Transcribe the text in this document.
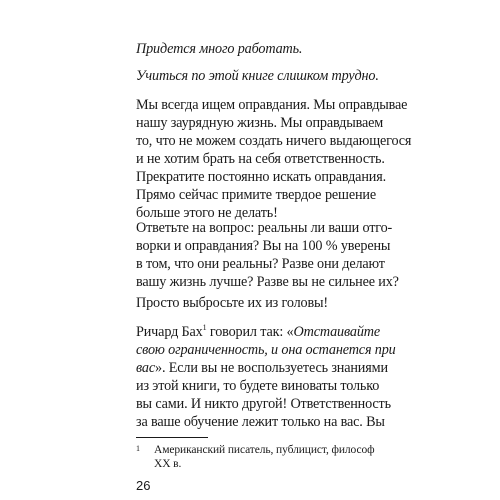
Придется много работать.
Учиться по этой книге слишком трудно.
Мы всегда ищем оправдания. Мы оправдывае
нашу заурядную жизнь. Мы оправдываем
то, что не можем создать ничего выдающегося
и не хотим брать на себя ответственность.
Прекратите постоянно искать оправдания.
Прямо сейчас примите твердое решение
больше этого не делать!
Ответьте на вопрос: реальны ли ваши отго-
ворки и оправдания? Вы на 100 % уверены
в том, что они реальны? Разве они делают
вашу жизнь лучше? Разве вы не сильнее их?
Просто выбросьте их из головы!
Ричард Бах$^1$ говорил так: «Отстаивайте
свою ограниченность, и она останется при
вас». Если вы не воспользуетесь знаниями
из этой книги, то будете виноваты только
вы сами. И никто другой! Ответственность
за ваше обучение лежит только на вас. Вы
1 Американский писатель, публицист, философ
XX в.
26
